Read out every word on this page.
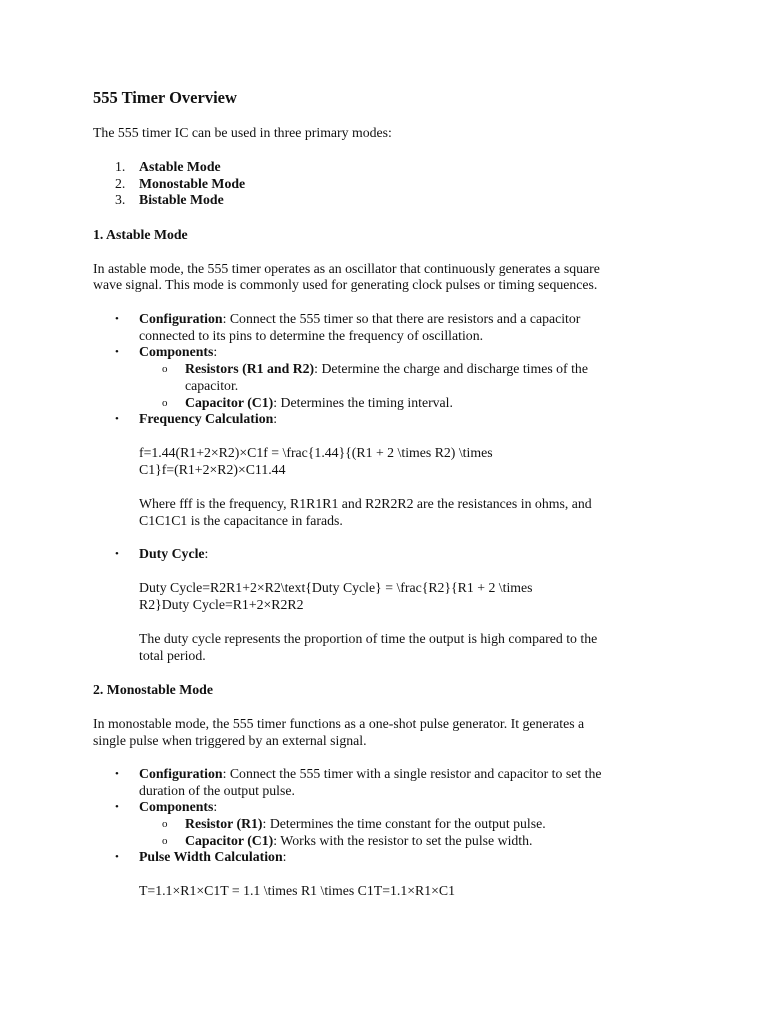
555 Timer Overview
The 555 timer IC can be used in three primary modes:
1. Astable Mode
2. Monostable Mode
3. Bistable Mode
1. Astable Mode
In astable mode, the 555 timer operates as an oscillator that continuously generates a square
wave signal. This mode is commonly used for generating clock pulses or timing sequences.
• Configuration: Connect the 555 timer so that there are resistors and a capacitor
connected to its pins to determine the frequency of oscillation.
• Components:
o Resistors (R1 and R2): Determine the charge and discharge times of the
capacitor.
o Capacitor (C1): Determines the timing interval.
• Frequency Calculation:
f=1.44(R1+2×R2)×C1f = \frac{1.44}{(R1 + 2 \times R2) \times
C1}f=(R1+2×R2)×C11.44
Where fff is the frequency, R1R1R1 and R2R2R2 are the resistances in ohms, and
C1C1C1 is the capacitance in farads.
• Duty Cycle:
Duty Cycle=R2R1+2×R2\text{Duty Cycle} = \frac{R2}{R1 + 2 \times
R2}Duty Cycle=R1+2×R2R2
The duty cycle represents the proportion of time the output is high compared to the
total period.
2. Monostable Mode
In monostable mode, the 555 timer functions as a one-shot pulse generator. It generates a
single pulse when triggered by an external signal.
• Configuration: Connect the 555 timer with a single resistor and capacitor to set the
duration of the output pulse.
• Components:
o Resistor (R1): Determines the time constant for the output pulse.
o Capacitor (C1): Works with the resistor to set the pulse width.
• Pulse Width Calculation:
T=1.1×R1×C1T = 1.1 \times R1 \times C1T=1.1×R1×C1
